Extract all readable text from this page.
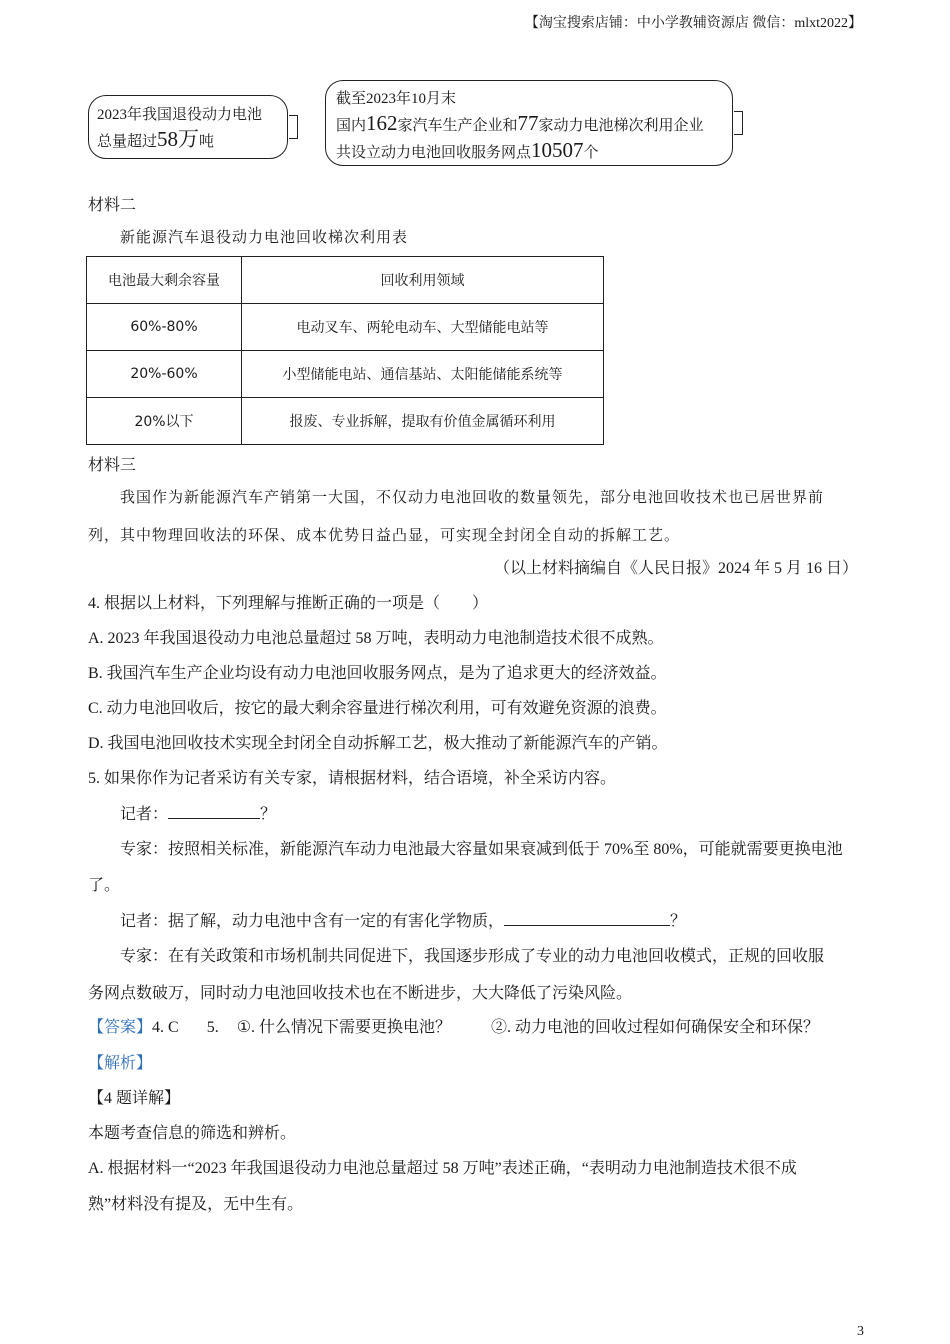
【淘宝搜索店铺：中小学教辅资源店 微信：mlxt2022】
2023年我国退役动力电池
总量超过58万吨
截至2023年10月末
国内162家汽车生产企业和77家动力电池梯次利用企业
共设立动力电池回收服务网点10507个
材料二
新能源汽车退役动力电池回收梯次利用表
电池最大剩余容量	回收利用领域
60%-80%	电动叉车、两轮电动车、大型储能电站等
20%-60%	小型储能电站、通信基站、太阳能储能系统等
20%以下	报废、专业拆解，提取有价值金属循环利用
材料三
我国作为新能源汽车产销第一大国，不仅动力电池回收的数量领先，部分电池回收技术也已居世界前
列，其中物理回收法的环保、成本优势日益凸显，可实现全封闭全自动的拆解工艺。
（以上材料摘编自《人民日报》2024 年 5 月 16 日）
4. 根据以上材料，下列理解与推断正确的一项是（　　）
A. 2023 年我国退役动力电池总量超过 58 万吨，表明动力电池制造技术很不成熟。
B. 我国汽车生产企业均设有动力电池回收服务网点，是为了追求更大的经济效益。
C. 动力电池回收后，按它的最大剩余容量进行梯次利用，可有效避免资源的浪费。
D. 我国电池回收技术实现全封闭全自动拆解工艺，极大推动了新能源汽车的产销。
5. 如果你作为记者采访有关专家，请根据材料，结合语境，补全采访内容。
记者：	？
专家：按照相关标准，新能源汽车动力电池最大容量如果衰减到低于 70%至 80%，可能就需要更换电池
了。
记者：据了解，动力电池中含有一定的有害化学物质，	？
专家：在有关政策和市场机制共同促进下，我国逐步形成了专业的动力电池回收模式，正规的回收服
务网点数破万，同时动力电池回收技术也在不断进步，大大降低了污染风险。
【答案】4. C 5. ①. 什么情况下需要更换电池？	②. 动力电池的回收过程如何确保安全和环保？
【解析】
【4 题详解】
本题考查信息的筛选和辨析。
A. 根据材料一“2023 年我国退役动力电池总量超过 58 万吨”表述正确，“表明动力电池制造技术很不成
熟”材料没有提及，无中生有。
3
